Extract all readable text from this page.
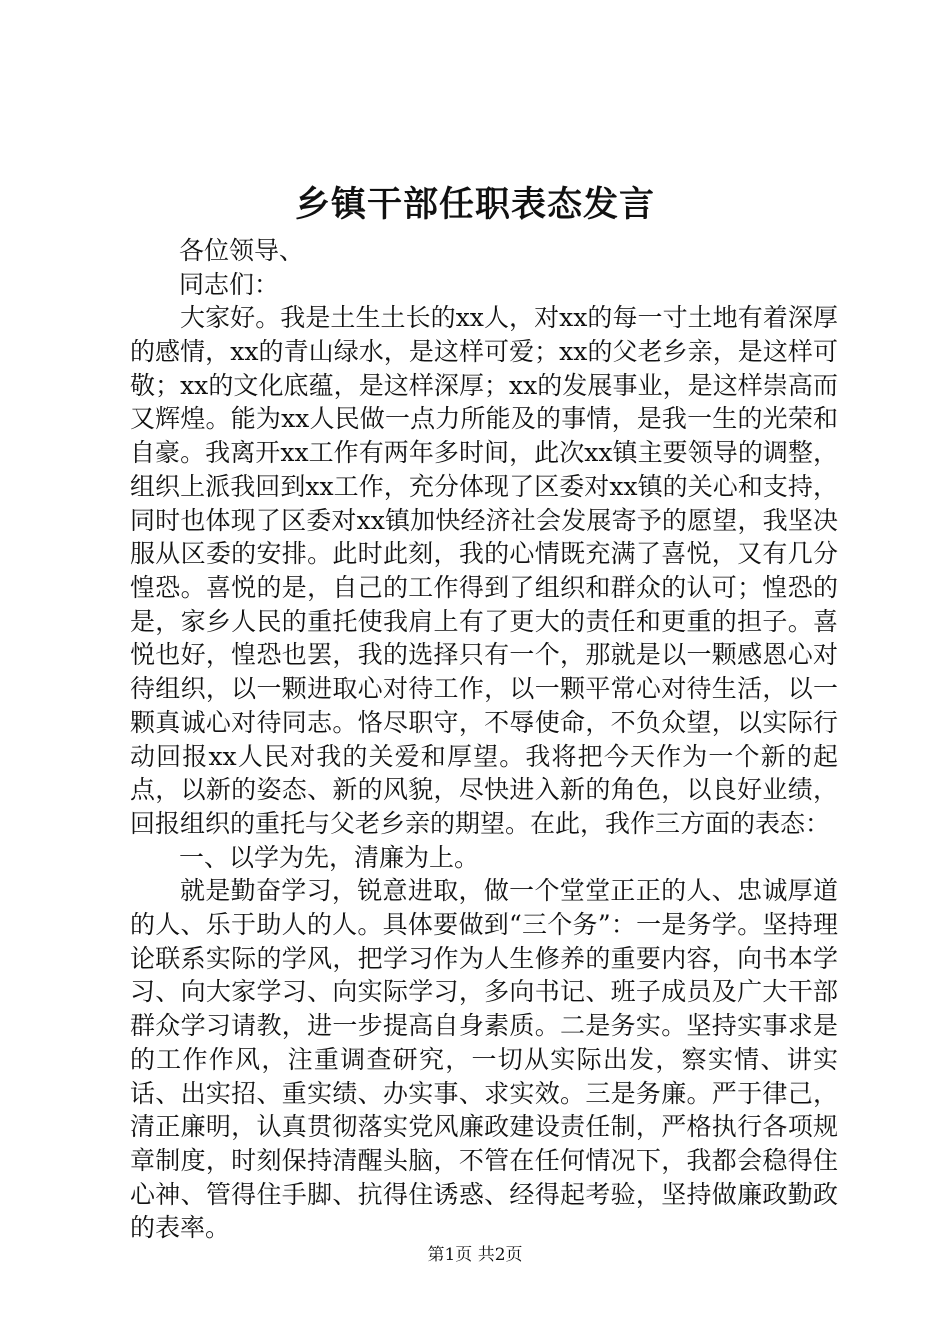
乡镇干部任职表态发言
各位领导、
同志们：

大家好。我是土生土长的xx人，对xx的每一寸土地有着深厚的感情，xx的青山绿水，是这样可爱；xx的父老乡亲，是这样可敬；xx的文化底蕴，是这样深厚；xx的发展事业，是这样崇高而又辉煌。能为xx人民做一点力所能及的事情，是我一生的光荣和自豪。我离开xx工作有两年多时间，此次xx镇主要领导的调整，组织上派我回到xx工作，充分体现了区委对xx镇的关心和支持，同时也体现了区委对xx镇加快经济社会发展寄予的愿望，我坚决服从区委的安排。此时此刻，我的心情既充满了喜悦，又有几分惶恐。喜悦的是，自己的工作得到了组织和群众的认可；惶恐的是，家乡人民的重托使我肩上有了更大的责任和更重的担子。喜悦也好，惶恐也罢，我的选择只有一个，那就是以一颗感恩心对待组织，以一颗进取心对待工作，以一颗平常心对待生活，以一颗真诚心对待同志。恪尽职守，不辱使命，不负众望，以实际行动回报xx人民对我的关爱和厚望。我将把今天作为一个新的起点，以新的姿态、新的风貌，尽快进入新的角色，以良好业绩，回报组织的重托与父老乡亲的期望。在此，我作三方面的表态：

一、以学为先，清廉为上。

就是勤奋学习，锐意进取，做一个堂堂正正的人、忠诚厚道的人、乐于助人的人。具体要做到“三个务”：一是务学。坚持理论联系实际的学风，把学习作为人生修养的重要内容，向书本学习、向大家学习、向实际学习，多向书记、班子成员及广大干部群众学习请教，进一步提高自身素质。二是务实。坚持实事求是的工作作风，注重调查研究，一切从实际出发，察实情、讲实话、出实招、重实绩、办实事、求实效。三是务廉。严于律己，清正廉明，认真贯彻落实党风廉政建设责任制，严格执行各项规章制度，时刻保持清醒头脑，不管在任何情况下，我都会稳得住心神、管得住手脚、抗得住诱惑、经得起考验，坚持做廉政勤政的表率。

第1页 共2页
